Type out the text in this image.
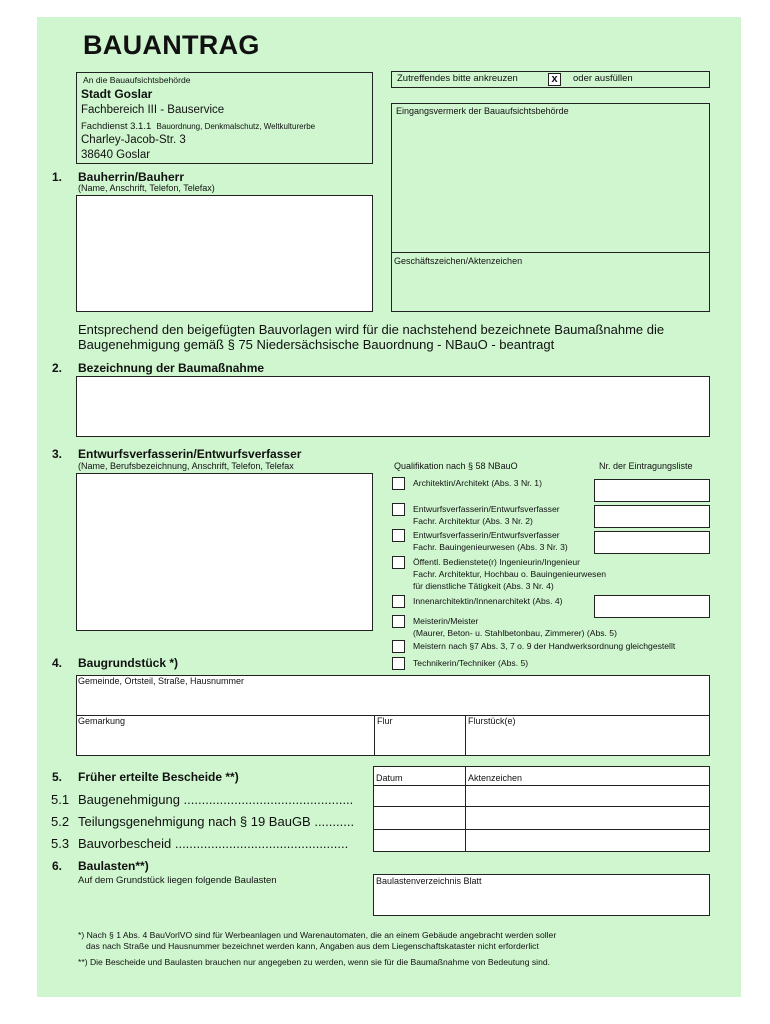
BAUANTRAG
An die Bauaufsichtsbehörde
Stadt Goslar
Fachbereich III - Bauservice
Fachdienst 3.1.1 Bauordnung, Denkmalschutz, Weltkulturerbe
Charley-Jacob-Str. 3
38640 Goslar
Zutreffendes bitte ankreuzen	x	oder ausfüllen
Eingangsvermerk der Bauaufsichtsbehörde
Geschäftszeichen/Aktenzeichen
1. Bauherrin/Bauherr
(Name, Anschrift, Telefon, Telefax)
Entsprechend den beigefügten Bauvorlagen wird für die nachstehend bezeichnete Baumaßnahme die
Baugenehmigung gemäß § 75 Niedersächsische Bauordnung - NBauO - beantragt
2. Bezeichnung der Baumaßnahme
3. Entwurfsverfasserin/Entwurfsverfasser
(Name, Berufsbezeichnung, Anschrift, Telefon, Telefax	Qualifikation nach § 58 NBauO	Nr. der Eintragungsliste
Architektin/Architekt (Abs. 3 Nr. 1)
Entwurfsverfasserin/Entwurfsverfasser
Fachr. Architektur (Abs. 3 Nr. 2)
Entwurfsverfasserin/Entwurfsverfasser
Fachr. Bauingenieurwesen (Abs. 3 Nr. 3)
Öffentl. Bedienstete(r) Ingenieurin/Ingenieur
Fachr. Architektur, Hochbau o. Bauingenieurwesen
für dienstliche Tätigkeit (Abs. 3 Nr. 4)
Innenarchitektin/Innenarchitekt (Abs. 4)
Meisterin/Meister
(Maurer, Beton- u. Stahlbetonbau, Zimmerer) (Abs. 5)
Meistern nach §7 Abs. 3, 7 o. 9 der Handwerksordnung gleichgestellt
Technikerin/Techniker (Abs. 5)
4. Baugrundstück *)
Gemeinde, Ortsteil, Straße, Hausnummer
Gemarkung	Flur	Flurstück(e)
5. Früher erteilte Bescheide **)	Datum	Aktenzeichen
5.1 Baugenehmigung ...............................................
5.2 Teilungsgenehmigung nach § 19 BauGB ...........
5.3 Bauvorbescheid ................................................
6. Baulasten**)
Auf dem Grundstück liegen folgende Baulasten	Baulastenverzeichnis Blatt
*) Nach § 1 Abs. 4 BauVorlVO sind für Werbeanlagen und Warenautomaten, die an einem Gebäude angebracht werden soller
das nach Straße und Hausnummer bezeichnet werden kann, Angaben aus dem Liegenschaftskataster nicht erforderlict
**) Die Bescheide und Baulasten brauchen nur angegeben zu werden, wenn sie für die Baumaßnahme von Bedeutung sind.
